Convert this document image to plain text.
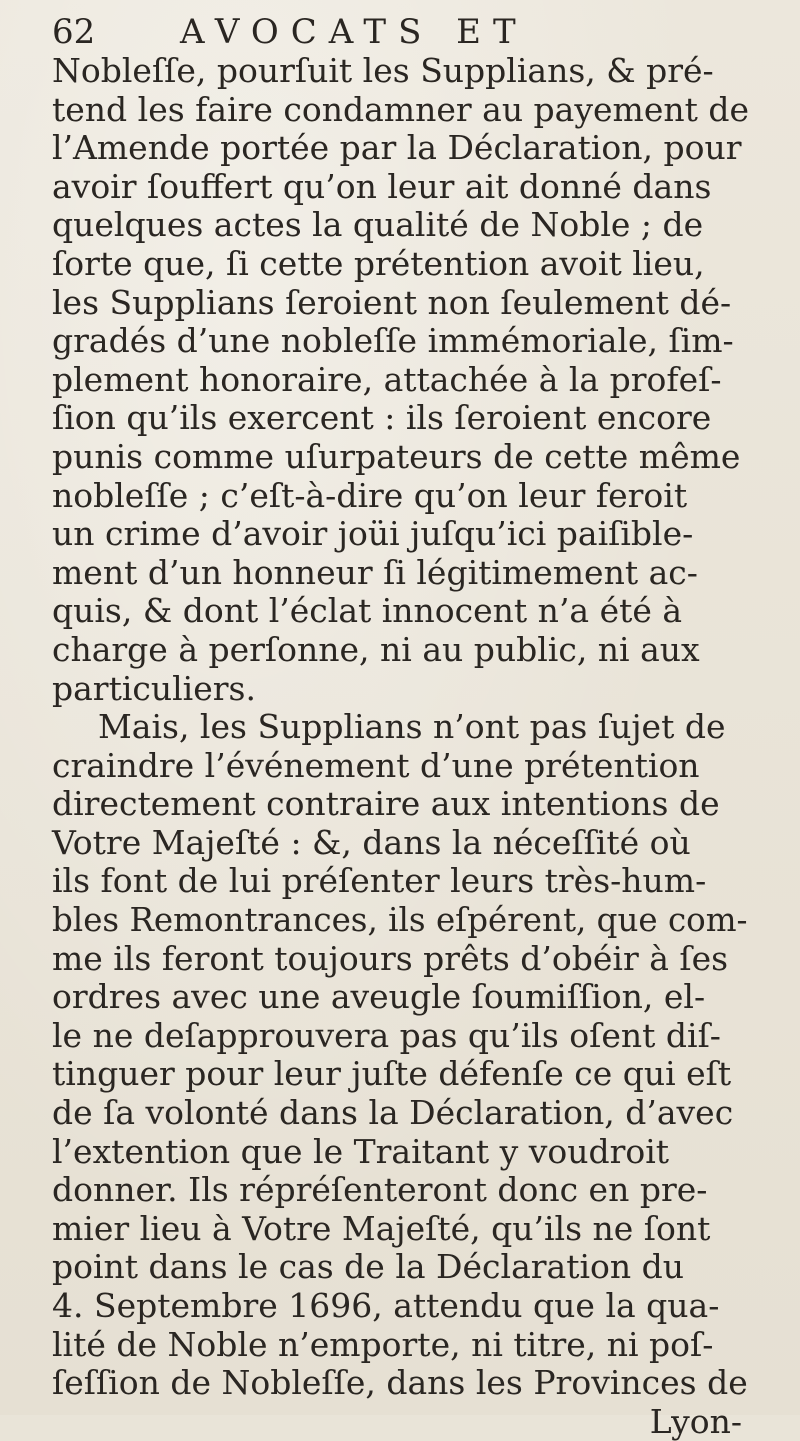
62 AVOCATS ET
Nobleſſe, pourſuit les Supplians, & pré-
tend les faire condamner au payement de
l’Amende portée par la Déclaration, pour
avoir ſouffert qu’on leur ait donné dans
quelques actes la qualité de Noble ; de
ſorte que, ſi cette prétention avoit lieu,
les Supplians ſeroient non ſeulement dé-
gradés d’une nobleſſe immémoriale, ſim-
plement honoraire, attachée à la profeſ-
ſion qu’ils exercent : ils ſeroient encore
punis comme uſurpateurs de cette même
nobleſſe ; c’eſt-à-dire qu’on leur feroit
un crime d’avoir joüi juſqu’ici paiſible-
ment d’un honneur ſi légitimement ac-
quis, & dont l’éclat innocent n’a été à
charge à perſonne, ni au public, ni aux
particuliers.
Mais, les Supplians n’ont pas ſujet de
craindre l’événement d’une prétention
directement contraire aux intentions de
Votre Majeſté : &, dans la néceſſité où
ils font de lui préſenter leurs très-hum-
bles Remontrances, ils eſpérent, que com-
me ils feront toujours prêts d’obéir à ſes
ordres avec une aveugle ſoumiſſion, el-
le ne deſapprouvera pas qu’ils oſent diſ-
tinguer pour leur juſte défenſe ce qui eſt
de ſa volonté dans la Déclaration, d’avec
l’extention que le Traitant y voudroit
donner. Ils répréſenteront donc en pre-
mier lieu à Votre Majeſté, qu’ils ne ſont
point dans le cas de la Déclaration du
4. Septembre 1696, attendu que la qua-
lité de Noble n’emporte, ni titre, ni poſ-
ſeſſion de Nobleſſe, dans les Provinces de
Lyon-
